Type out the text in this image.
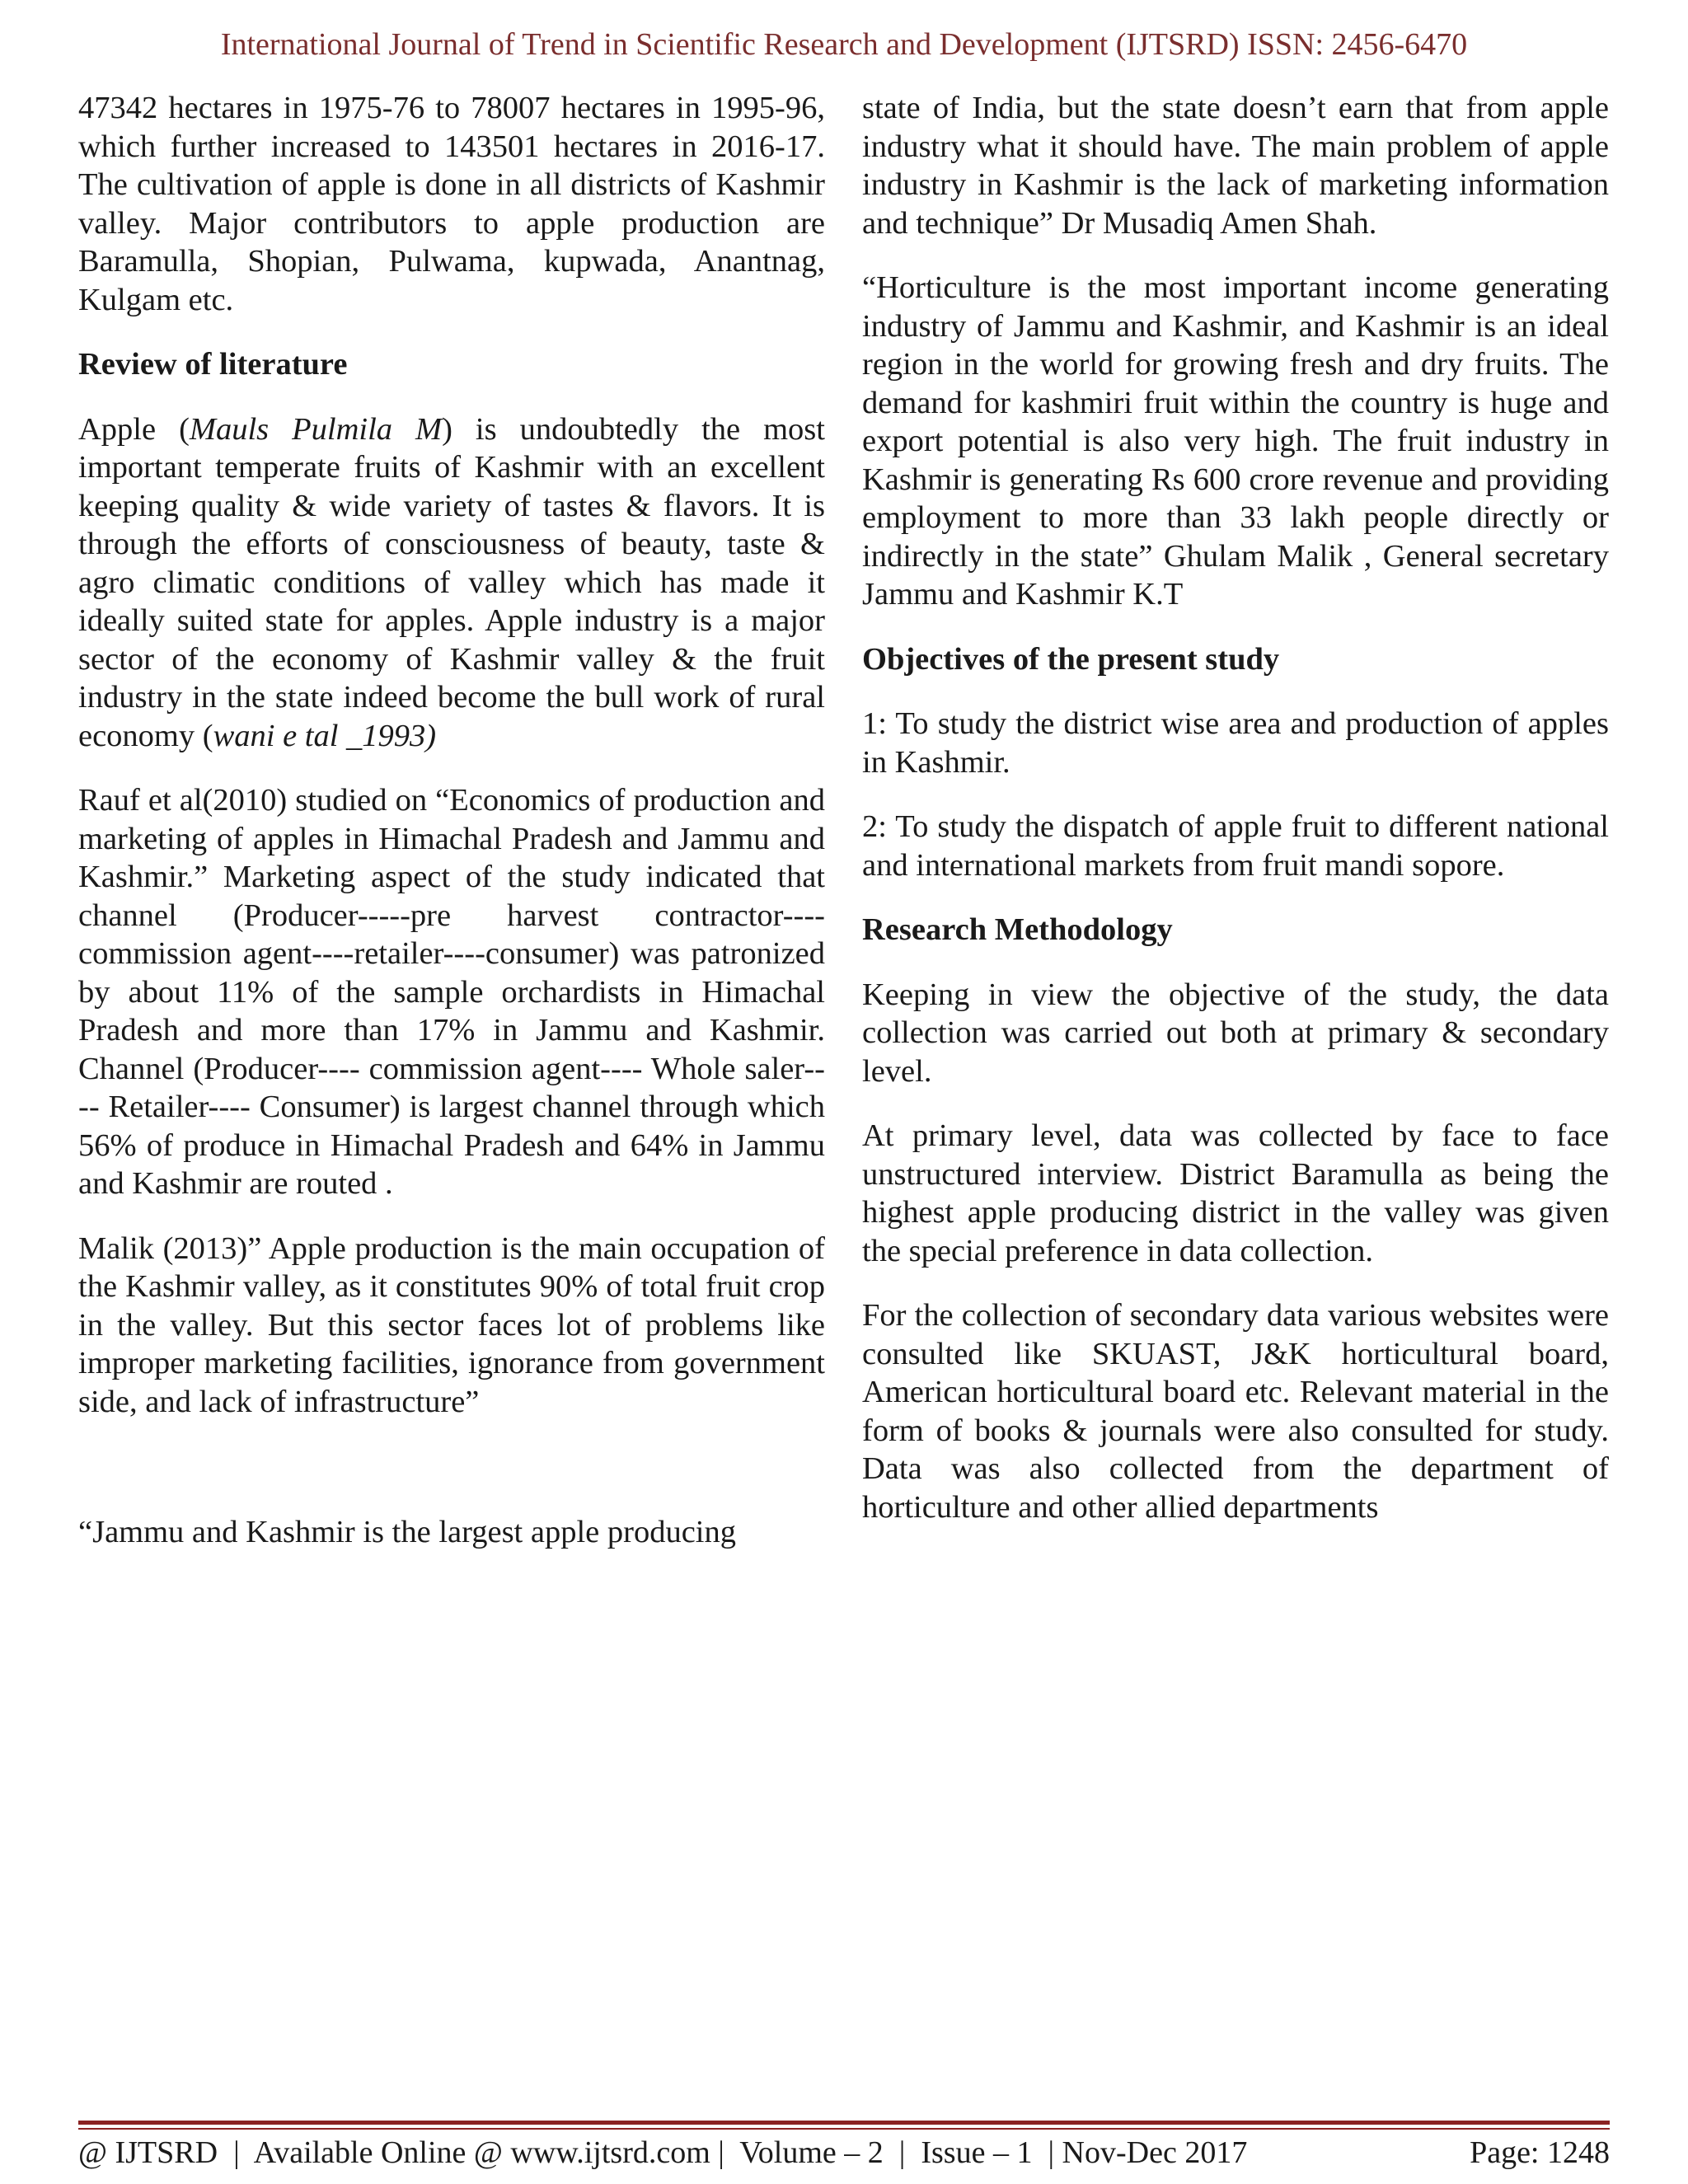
International Journal of Trend in Scientific Research and Development (IJTSRD) ISSN: 2456-6470

47342 hectares in 1975-76 to 78007 hectares in 1995-96, which further increased to 143501 hectares in 2016-17. The cultivation of apple is done in all districts of Kashmir valley. Major contributors to apple production are Baramulla, Shopian, Pulwama, kupwada, Anantnag, Kulgam etc.

Review of literature

Apple (Mauls Pulmila M) is undoubtedly the most important temperate fruits of Kashmir with an excellent keeping quality & wide variety of tastes & flavors. It is through the efforts of consciousness of beauty, taste & agro climatic conditions of valley which has made it ideally suited state for apples. Apple industry is a major sector of the economy of Kashmir valley & the fruit industry in the state indeed become the bull work of rural economy (wani e tal _1993)

Rauf et al(2010) studied on “Economics of production and marketing of apples in Himachal Pradesh and Jammu and Kashmir.” Marketing aspect of the study indicated that channel (Producer-----pre harvest contractor----commission agent----retailer----consumer) was patronized by about 11% of the sample orchardists in Himachal Pradesh and more than 17% in Jammu and Kashmir. Channel (Producer---- commission agent---- Whole saler---- Retailer---- Consumer) is largest channel through which 56% of produce in Himachal Pradesh and 64% in Jammu and Kashmir are routed .

Malik (2013)” Apple production is the main occupation of the Kashmir valley, as it constitutes 90% of total fruit crop in the valley. But this sector faces lot of problems like improper marketing facilities, ignorance from government side, and lack of infrastructure”

“Jammu and Kashmir is the largest apple producing

state of India, but the state doesn’t earn that from apple industry what it should have. The main problem of apple industry in Kashmir is the lack of marketing information and technique” Dr Musadiq Amen Shah.

“Horticulture is the most important income generating industry of Jammu and Kashmir, and Kashmir is an ideal region in the world for growing fresh and dry fruits. The demand for kashmiri fruit within the country is huge and export potential is also very high. The fruit industry in Kashmir is generating Rs 600 crore revenue and providing employment to more than 33 lakh people directly or indirectly in the state” Ghulam Malik , General secretary Jammu and Kashmir K.T

Objectives of the present study

1: To study the district wise area and production of apples in Kashmir.

2: To study the dispatch of apple fruit to different national and international markets from fruit mandi sopore.

Research Methodology

Keeping in view the objective of the study, the data collection was carried out both at primary & secondary level.

At primary level, data was collected by face to face unstructured interview. District Baramulla as being the highest apple producing district in the valley was given the special preference in data collection.

For the collection of secondary data various websites were consulted like SKUAST, J&K horticultural board, American horticultural board etc. Relevant material in the form of books & journals were also consulted for study. Data was also collected from the department of horticulture and other allied departments

@ IJTSRD  |  Available Online @ www.ijtsrd.com |  Volume – 2  |  Issue – 1  | Nov-Dec 2017	Page: 1248
